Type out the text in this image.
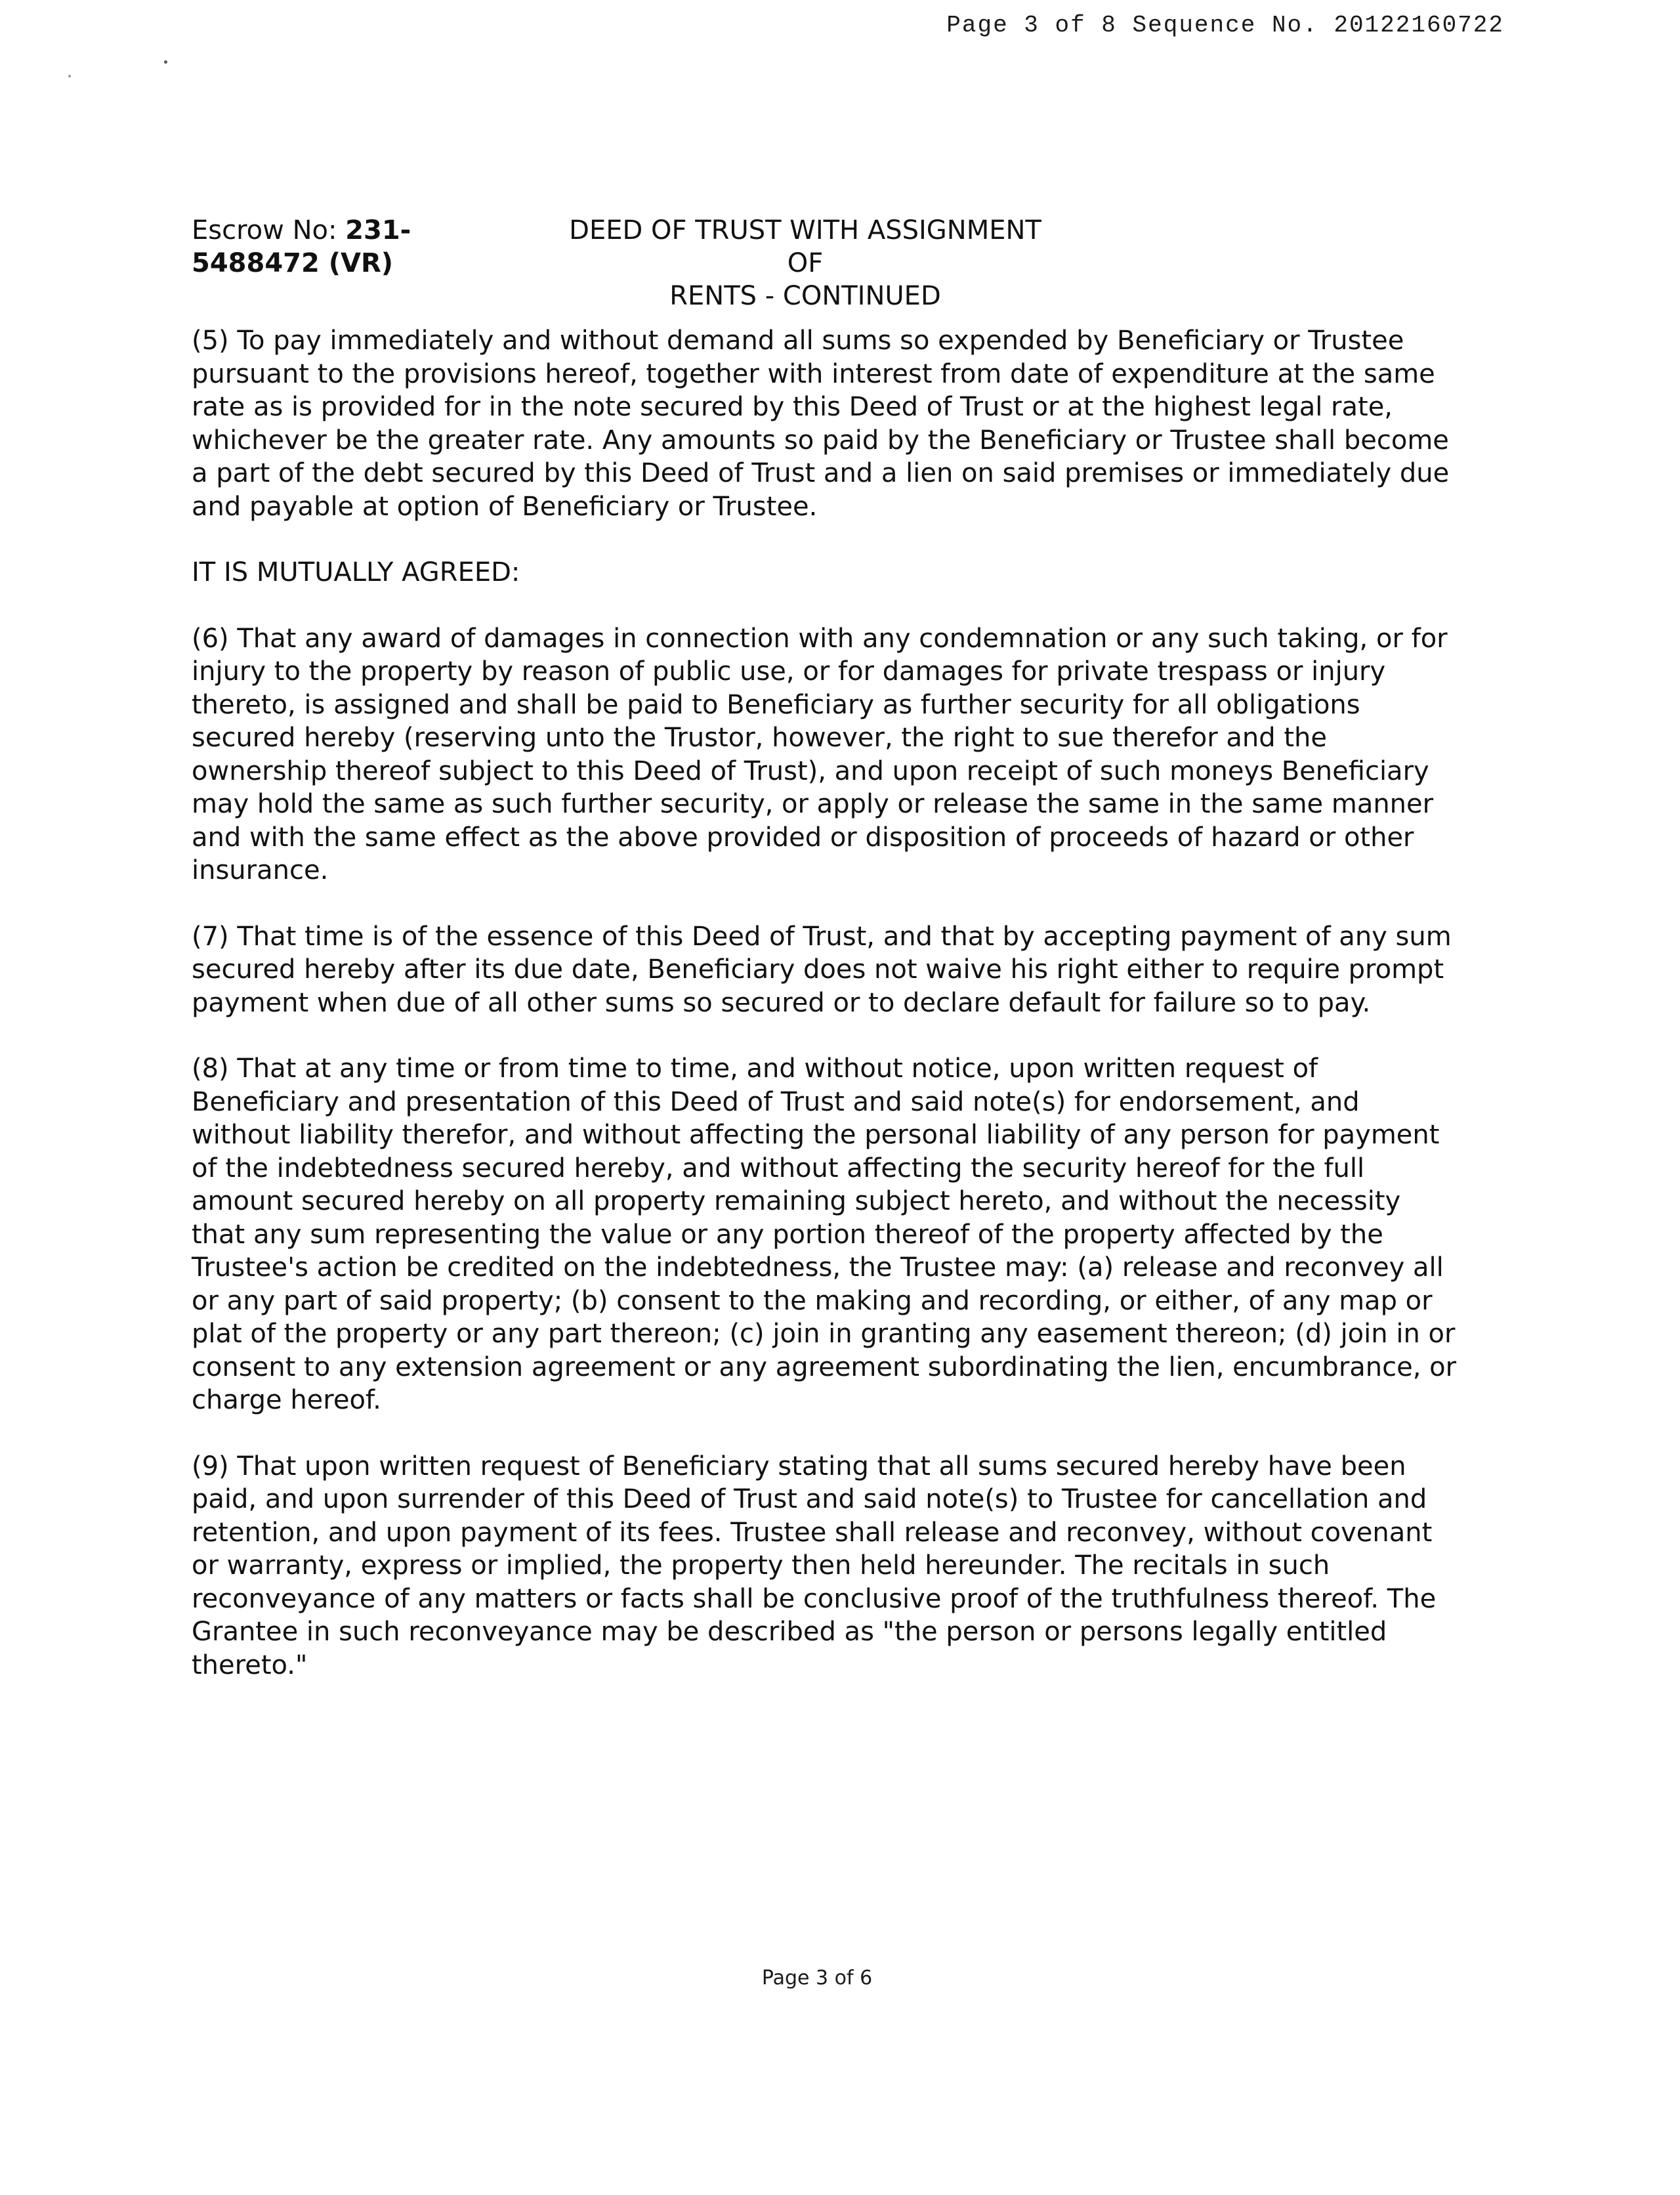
Page 3 of 8 Sequence No. 20122160722
Escrow No: 231-
5488472 (VR)
DEED OF TRUST WITH ASSIGNMENT OF
RENTS - CONTINUED

(5) To pay immediately and without demand all sums so expended by Beneficiary or Trustee pursuant to the provisions hereof, together with interest from date of expenditure at the same rate as is provided for in the note secured by this Deed of Trust or at the highest legal rate, whichever be the greater rate. Any amounts so paid by the Beneficiary or Trustee shall become a part of the debt secured by this Deed of Trust and a lien on said premises or immediately due and payable at option of Beneficiary or Trustee.

IT IS MUTUALLY AGREED:

(6) That any award of damages in connection with any condemnation or any such taking, or for injury to the property by reason of public use, or for damages for private trespass or injury thereto, is assigned and shall be paid to Beneficiary as further security for all obligations secured hereby (reserving unto the Trustor, however, the right to sue therefor and the ownership thereof subject to this Deed of Trust), and upon receipt of such moneys Beneficiary may hold the same as such further security, or apply or release the same in the same manner and with the same effect as the above provided or disposition of proceeds of hazard or other insurance.

(7) That time is of the essence of this Deed of Trust, and that by accepting payment of any sum secured hereby after its due date, Beneficiary does not waive his right either to require prompt payment when due of all other sums so secured or to declare default for failure so to pay.

(8) That at any time or from time to time, and without notice, upon written request of Beneficiary and presentation of this Deed of Trust and said note(s) for endorsement, and without liability therefor, and without affecting the personal liability of any person for payment of the indebtedness secured hereby, and without affecting the security hereof for the full amount secured hereby on all property remaining subject hereto, and without the necessity that any sum representing the value or any portion thereof of the property affected by the Trustee's action be credited on the indebtedness, the Trustee may: (a) release and reconvey all or any part of said property; (b) consent to the making and recording, or either, of any map or plat of the property or any part thereon; (c) join in granting any easement thereon; (d) join in or consent to any extension agreement or any agreement subordinating the lien, encumbrance, or charge hereof.

(9) That upon written request of Beneficiary stating that all sums secured hereby have been paid, and upon surrender of this Deed of Trust and said note(s) to Trustee for cancellation and retention, and upon payment of its fees. Trustee shall release and reconvey, without covenant or warranty, express or implied, the property then held hereunder. The recitals in such reconveyance of any matters or facts shall be conclusive proof of the truthfulness thereof. The Grantee in such reconveyance may be described as "the person or persons legally entitled thereto."

Page 3 of 6
